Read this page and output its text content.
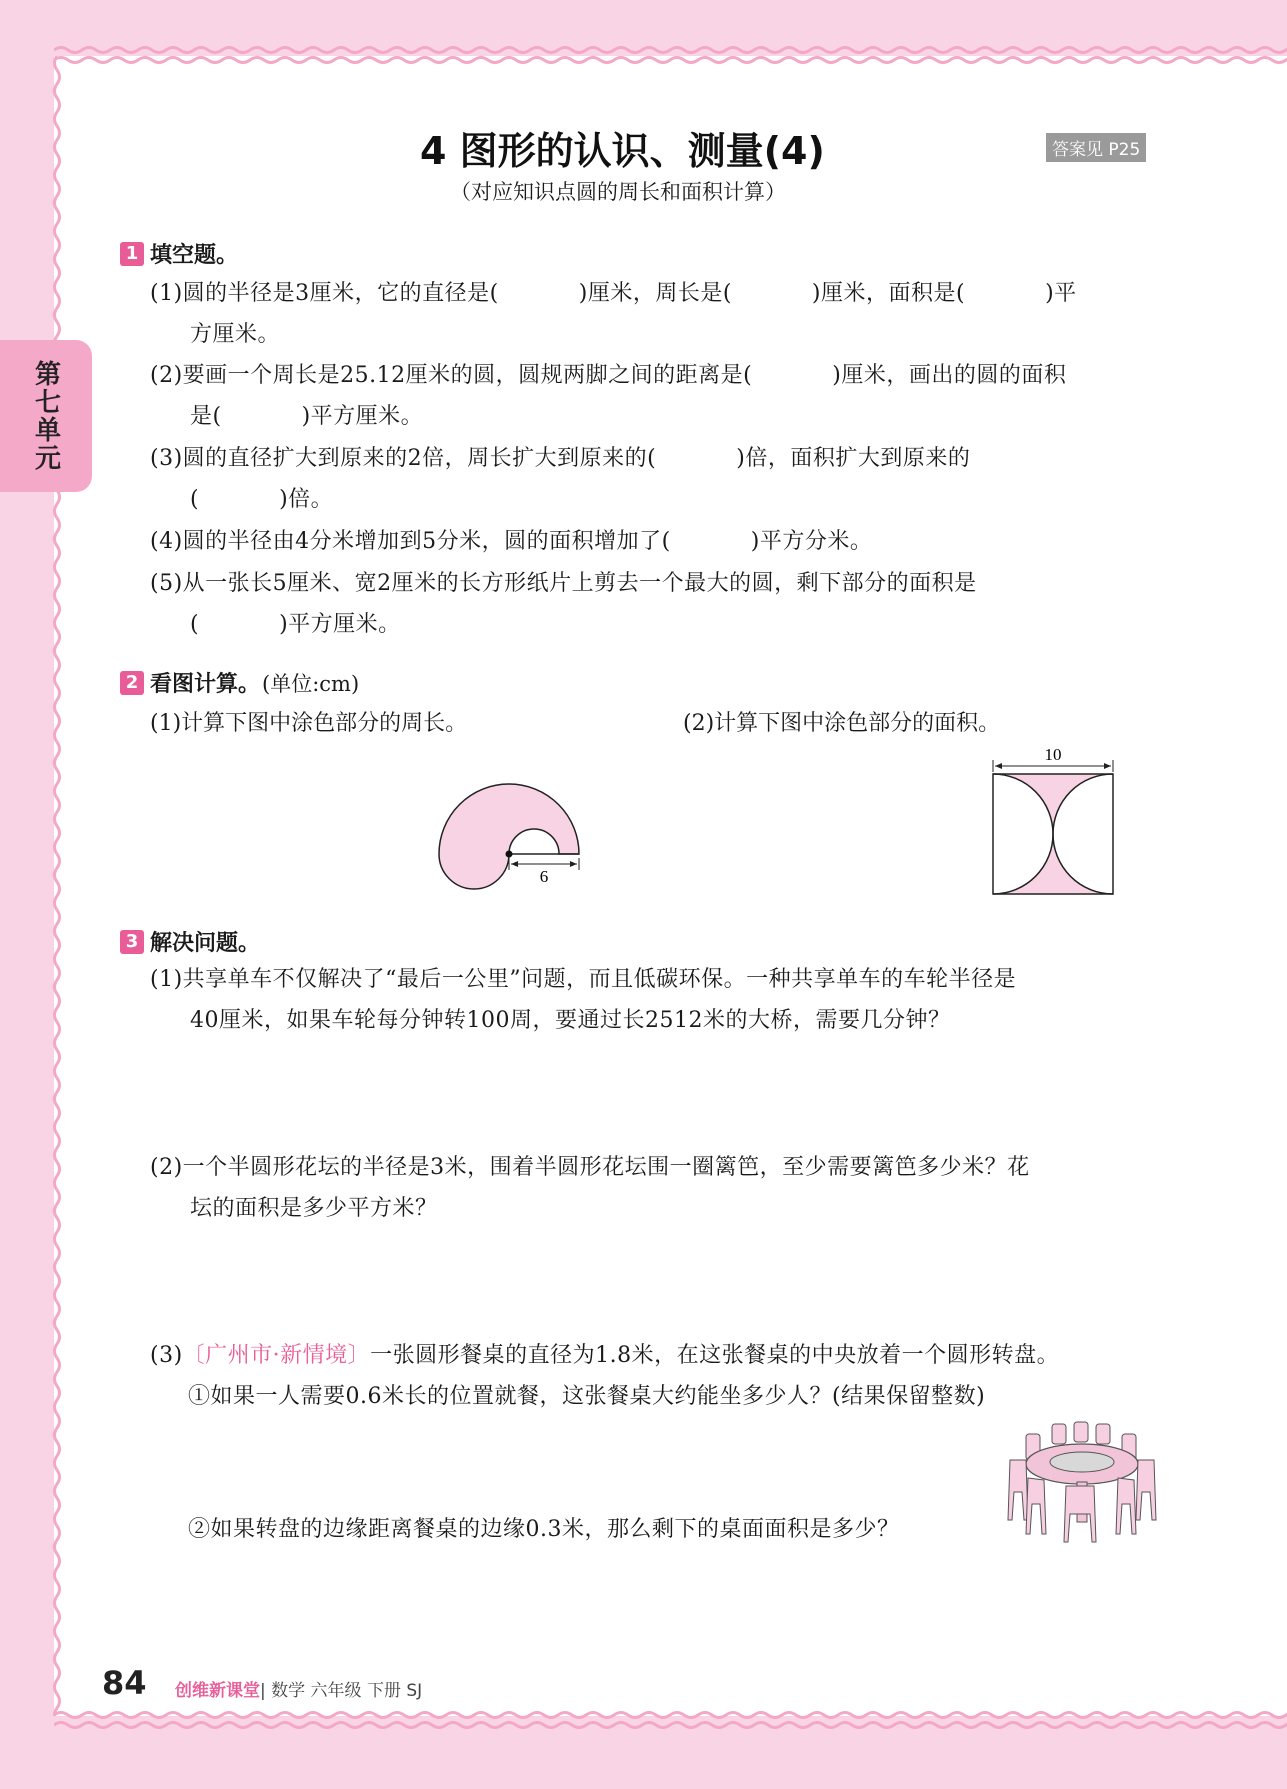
第七单元
4 图形的认识、测量(4)	答案见 P25
（对应知识点圆的周长和面积计算）
1 填空题。
(1)圆的半径是3厘米，它的直径是(	)厘米，周长是(	)厘米，面积是(	)平
方厘米。
(2)要画一个周长是25.12厘米的圆，圆规两脚之间的距离是(	)厘米，画出的圆的面积
是(	)平方厘米。
(3)圆的直径扩大到原来的2倍，周长扩大到原来的(	)倍，面积扩大到原来的
(	)倍。
(4)圆的半径由4分米增加到5分米，圆的面积增加了(	)平方分米。
(5)从一张长5厘米、宽2厘米的长方形纸片上剪去一个最大的圆，剩下部分的面积是
(	)平方厘米。
2 看图计算。 (单位:cm)
(1)计算下图中涂色部分的周长。	(2)计算下图中涂色部分的面积。
6
10
3 解决问题。
(1)共享单车不仅解决了“最后一公里”问题，而且低碳环保。一种共享单车的车轮半径是
40厘米，如果车轮每分钟转100周，要通过长2512米的大桥，需要几分钟？
(2)一个半圆形花坛的半径是3米，围着半圆形花坛围一圈篱笆，至少需要篱笆多少米？花
坛的面积是多少平方米？
(3)〔广州市·新情境〕一张圆形餐桌的直径为1.8米，在这张餐桌的中央放着一个圆形转盘。
①如果一人需要0.6米长的位置就餐，这张餐桌大约能坐多少人？(结果保留整数)
②如果转盘的边缘距离餐桌的边缘0.3米，那么剩下的桌面面积是多少？
84 创维新课堂| 数学 六年级 下册 SJ
